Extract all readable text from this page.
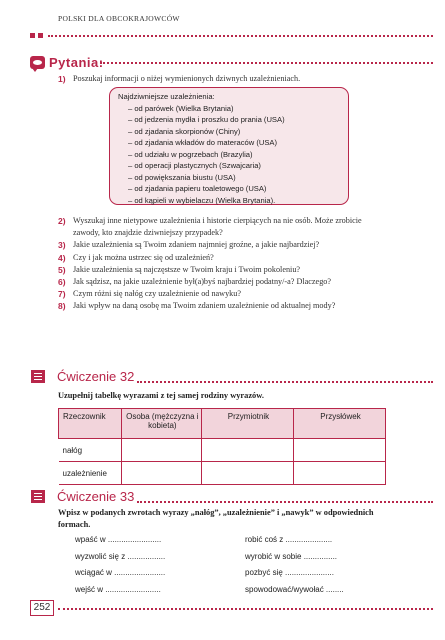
POLSKI DLA OBCOKRAJOWCÓW
Pytania:
1) Poszukaj informacji o niżej wymienionych dziwnych uzależnieniach.
Najdziwniejsze uzależnienia:
– od parówek (Wielka Brytania)
– od jedzenia mydła i proszku do prania (USA)
– od zjadania skorpionów (Chiny)
– od zjadania wkładów do materaców (USA)
– od udziału w pogrzebach (Brazylia)
– od operacji plastycznych (Szwajcaria)
– od powiększania biustu (USA)
– od zjadania papieru toaletowego (USA)
– od kąpieli w wybielaczu (Wielka Brytania).
2) Wyszukaj inne nietypowe uzależnienia i historie cierpiących na nie osób. Może zrobicie zawody, kto znajdzie dziwniejszy przypadek?
3) Jakie uzależnienia są Twoim zdaniem najmniej groźne, a jakie najbardziej?
4) Czy i jak można ustrzec się od uzależnień?
5) Jakie uzależnienia są najczęstsze w Twoim kraju i Twoim pokoleniu?
6) Jak sądzisz, na jakie uzależnienie był(a)byś najbardziej podatny/-a? Dlaczego?
7) Czym różni się nałóg czy uzależnienie od nawyku?
8) Jaki wpływ na daną osobę ma Twoim zdaniem uzależnienie od aktualnej mody?
Ćwiczenie 32
Uzupełnij tabelkę wyrazami z tej samej rodziny wyrazów.
Rzeczownik	Osoba (mężczyzna i kobieta)	Przymiotnik	Przysłówek
nałóg			
uzależnienie			
Ćwiczenie 33
Wpisz w podanych zwrotach wyrazy „nałóg”, „uzależnienie” i „nawyk” w odpowiednich formach.
wpaść w ........................
wyzwolić się z .................
wciągać w .......................
wejść w .........................
robić coś z .....................
wyrobić w sobie ...............
pozbyć się ......................
spowodować/wywołać ........
252
